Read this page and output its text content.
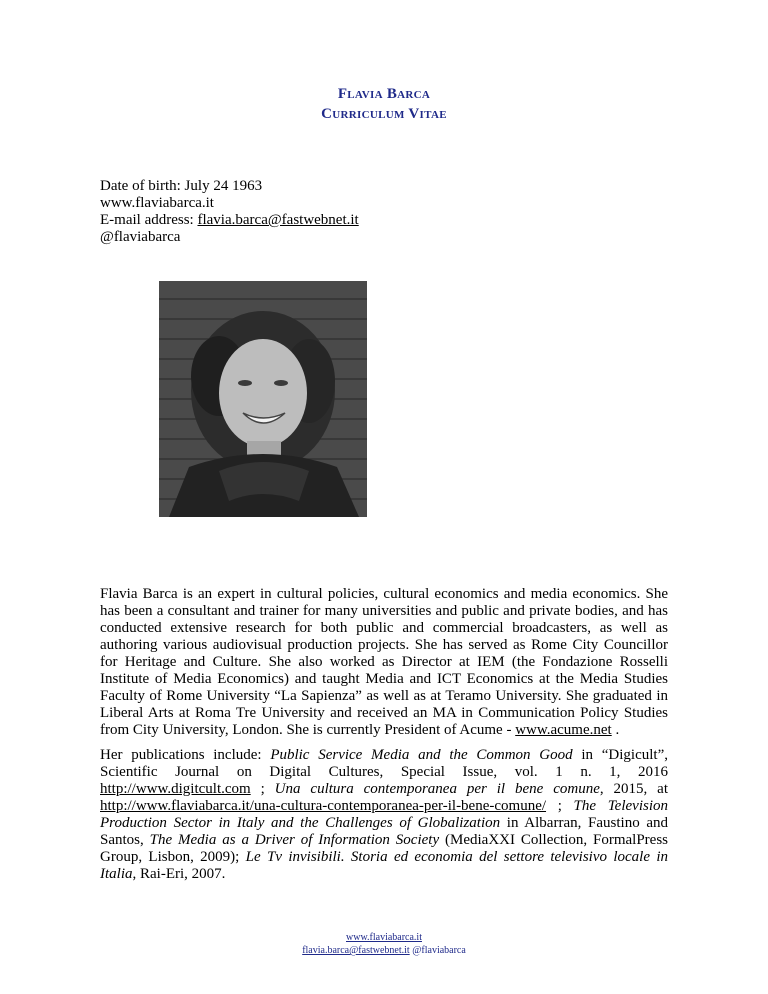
Flavia Barca
Curriculum Vitae
Date of birth: July 24 1963
www.flaviabarca.it
E-mail address: flavia.barca@fastwebnet.it
@flaviabarca

Flavia Barca is an expert in cultural policies, cultural economics and media economics. She has been a consultant and trainer for many universities and public and private bodies, and has conducted extensive research for both public and commercial broadcasters, as well as authoring various audiovisual production projects. She has served as Rome City Councillor for Heritage and Culture. She also worked as Director at IEM (the Fondazione Rosselli Institute of Media Economics) and taught Media and ICT Economics at the Media Studies Faculty of Rome University “La Sapienza” as well as at Teramo University. She graduated in Liberal Arts at Roma Tre University and received an MA in Communication Policy Studies from City University, London. She is currently President of Acume - www.acume.net .

Her publications include: Public Service Media and the Common Good in “Digicult”, Scientific Journal on Digital Cultures, Special Issue, vol. 1 n. 1, 2016 http://www.digitcult.com ; Una cultura contemporanea per il bene comune, 2015, at http://www.flaviabarca.it/una-cultura-contemporanea-per-il-bene-comune/ ; The Television Production Sector in Italy and the Challenges of Globalization in Albarran, Faustino and Santos, The Media as a Driver of Information Society (MediaXXI Collection, FormalPress Group, Lisbon, 2009); Le Tv invisibili. Storia ed economia del settore televisivo locale in Italia, Rai-Eri, 2007.

www.flaviabarca.it
flavia.barca@fastwebnet.it @flaviabarca
